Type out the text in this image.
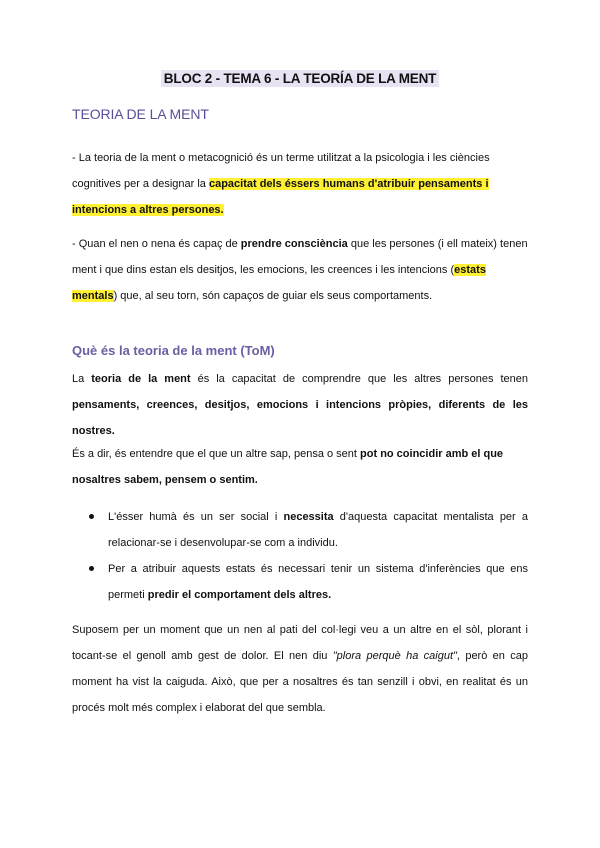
BLOC 2 - TEMA 6 - LA TEORÍA DE LA MENT
TEORIA DE LA MENT
- La teoria de la ment o metacognició és un terme utilitzat a la psicologia i les ciències cognitives per a designar la capacitat dels éssers humans d'atribuir pensaments i intencions a altres persones.
- Quan el nen o nena és capaç de prendre consciència que les persones (i ell mateix) tenen ment i que dins estan els desitjos, les emocions, les creences i les intencions (estats mentals) que, al seu torn, són capaços de guiar els seus comportaments.
Què és la teoria de la ment (ToM)
La teoria de la ment és la capacitat de comprendre que les altres persones tenen pensaments, creences, desitjos, emocions i intencions pròpies, diferents de les nostres.
És a dir, és entendre que el que un altre sap, pensa o sent pot no coincidir amb el que nosaltres sabem, pensem o sentim.
L'ésser humà és un ser social i necessita d'aquesta capacitat mentalista per a relacionar-se i desenvolupar-se com a individu.
Per a atribuir aquests estats és necessari tenir un sistema d'inferències que ens permeti predir el comportament dels altres.
Suposem per un moment que un nen al pati del col·legi veu a un altre en el sòl, plorant i tocant-se el genoll amb gest de dolor. El nen diu "plora perquè ha caigut", però en cap moment ha vist la caiguda. Això, que per a nosaltres és tan senzill i obvi, en realitat és un procés molt més complex i elaborat del que sembla.
